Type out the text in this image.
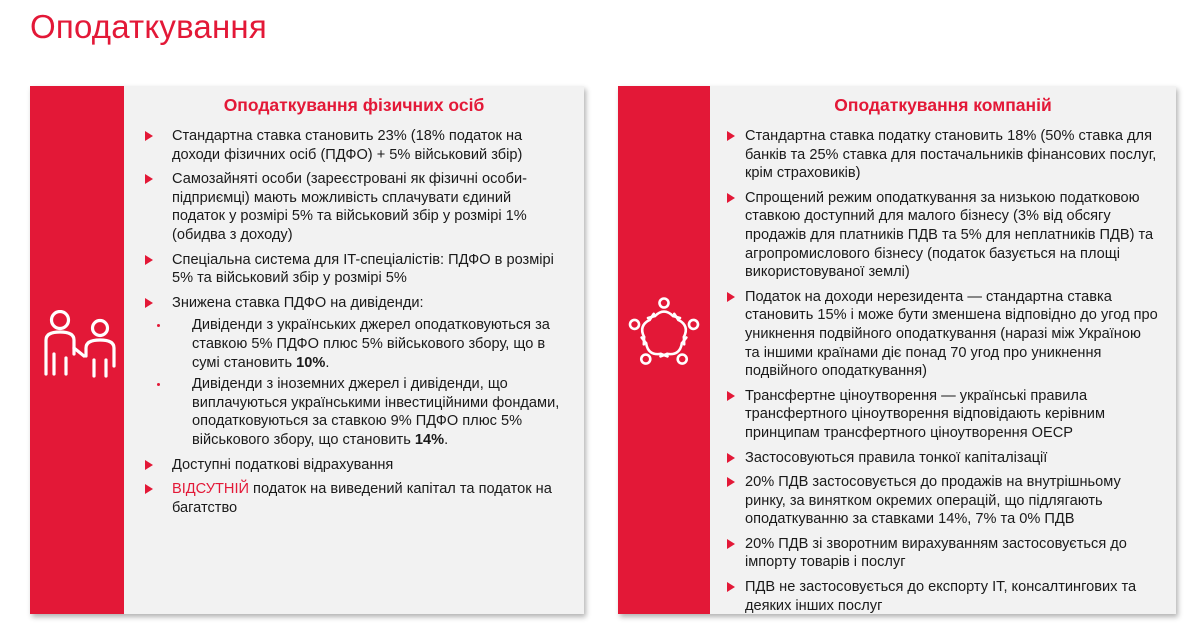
Оподаткування
Оподаткування фізичних осіб
Стандартна ставка становить 23% (18% податок на доходи фізичних осіб (ПДФО) + 5% військовий збір)
Самозайняті особи (зареєстровані як фізичні особи-підприємці) мають можливість сплачувати єдиний податок у розмірі 5% та військовий збір у розмірі 1% (обидва з доходу)
Спеціальна система для IT-спеціалістів: ПДФО в розмірі 5% та військовий збір у розмірі 5%
Знижена ставка ПДФО на дивіденди:
Дивіденди з українських джерел оподатковуються за ставкою 5% ПДФО плюс 5% військового збору, що в сумі становить 10%.
Дивіденди з іноземних джерел і дивіденди, що виплачуються українськими інвестиційними фондами, оподатковуються за ставкою 9% ПДФО плюс 5% військового збору, що становить 14%.
Доступні податкові відрахування
ВІДСУТНІЙ податок на виведений капітал та податок на багатство
Оподаткування компаній
Стандартна ставка податку становить 18% (50% ставка для банків та 25% ставка для постачальників фінансових послуг, крім страховиків)
Спрощений режим оподаткування за низькою податковою ставкою доступний для малого бізнесу (3% від обсягу продажів для платників ПДВ та 5% для неплатників ПДВ) та агропромислового бізнесу (податок базується на площі використовуваної землі)
Податок на доходи нерезидента — стандартна ставка становить 15% і може бути зменшена відповідно до угод про уникнення подвійного оподаткування (наразі між Україною та іншими країнами діє понад 70 угод про уникнення подвійного оподаткування)
Трансфертне ціноутворення — українські правила трансфертного ціноутворення відповідають керівним принципам трансфертного ціноутворення ОЕСР
Застосовуються правила тонкої капіталізації
20% ПДВ застосовується до продажів на внутрішньому ринку, за винятком окремих операцій, що підлягають оподаткуванню за ставками 14%, 7% та 0% ПДВ
20% ПДВ зі зворотним вирахуванням застосовується до імпорту товарів і послуг
ПДВ не застосовується до експорту IT, консалтингових та деяких інших послуг
